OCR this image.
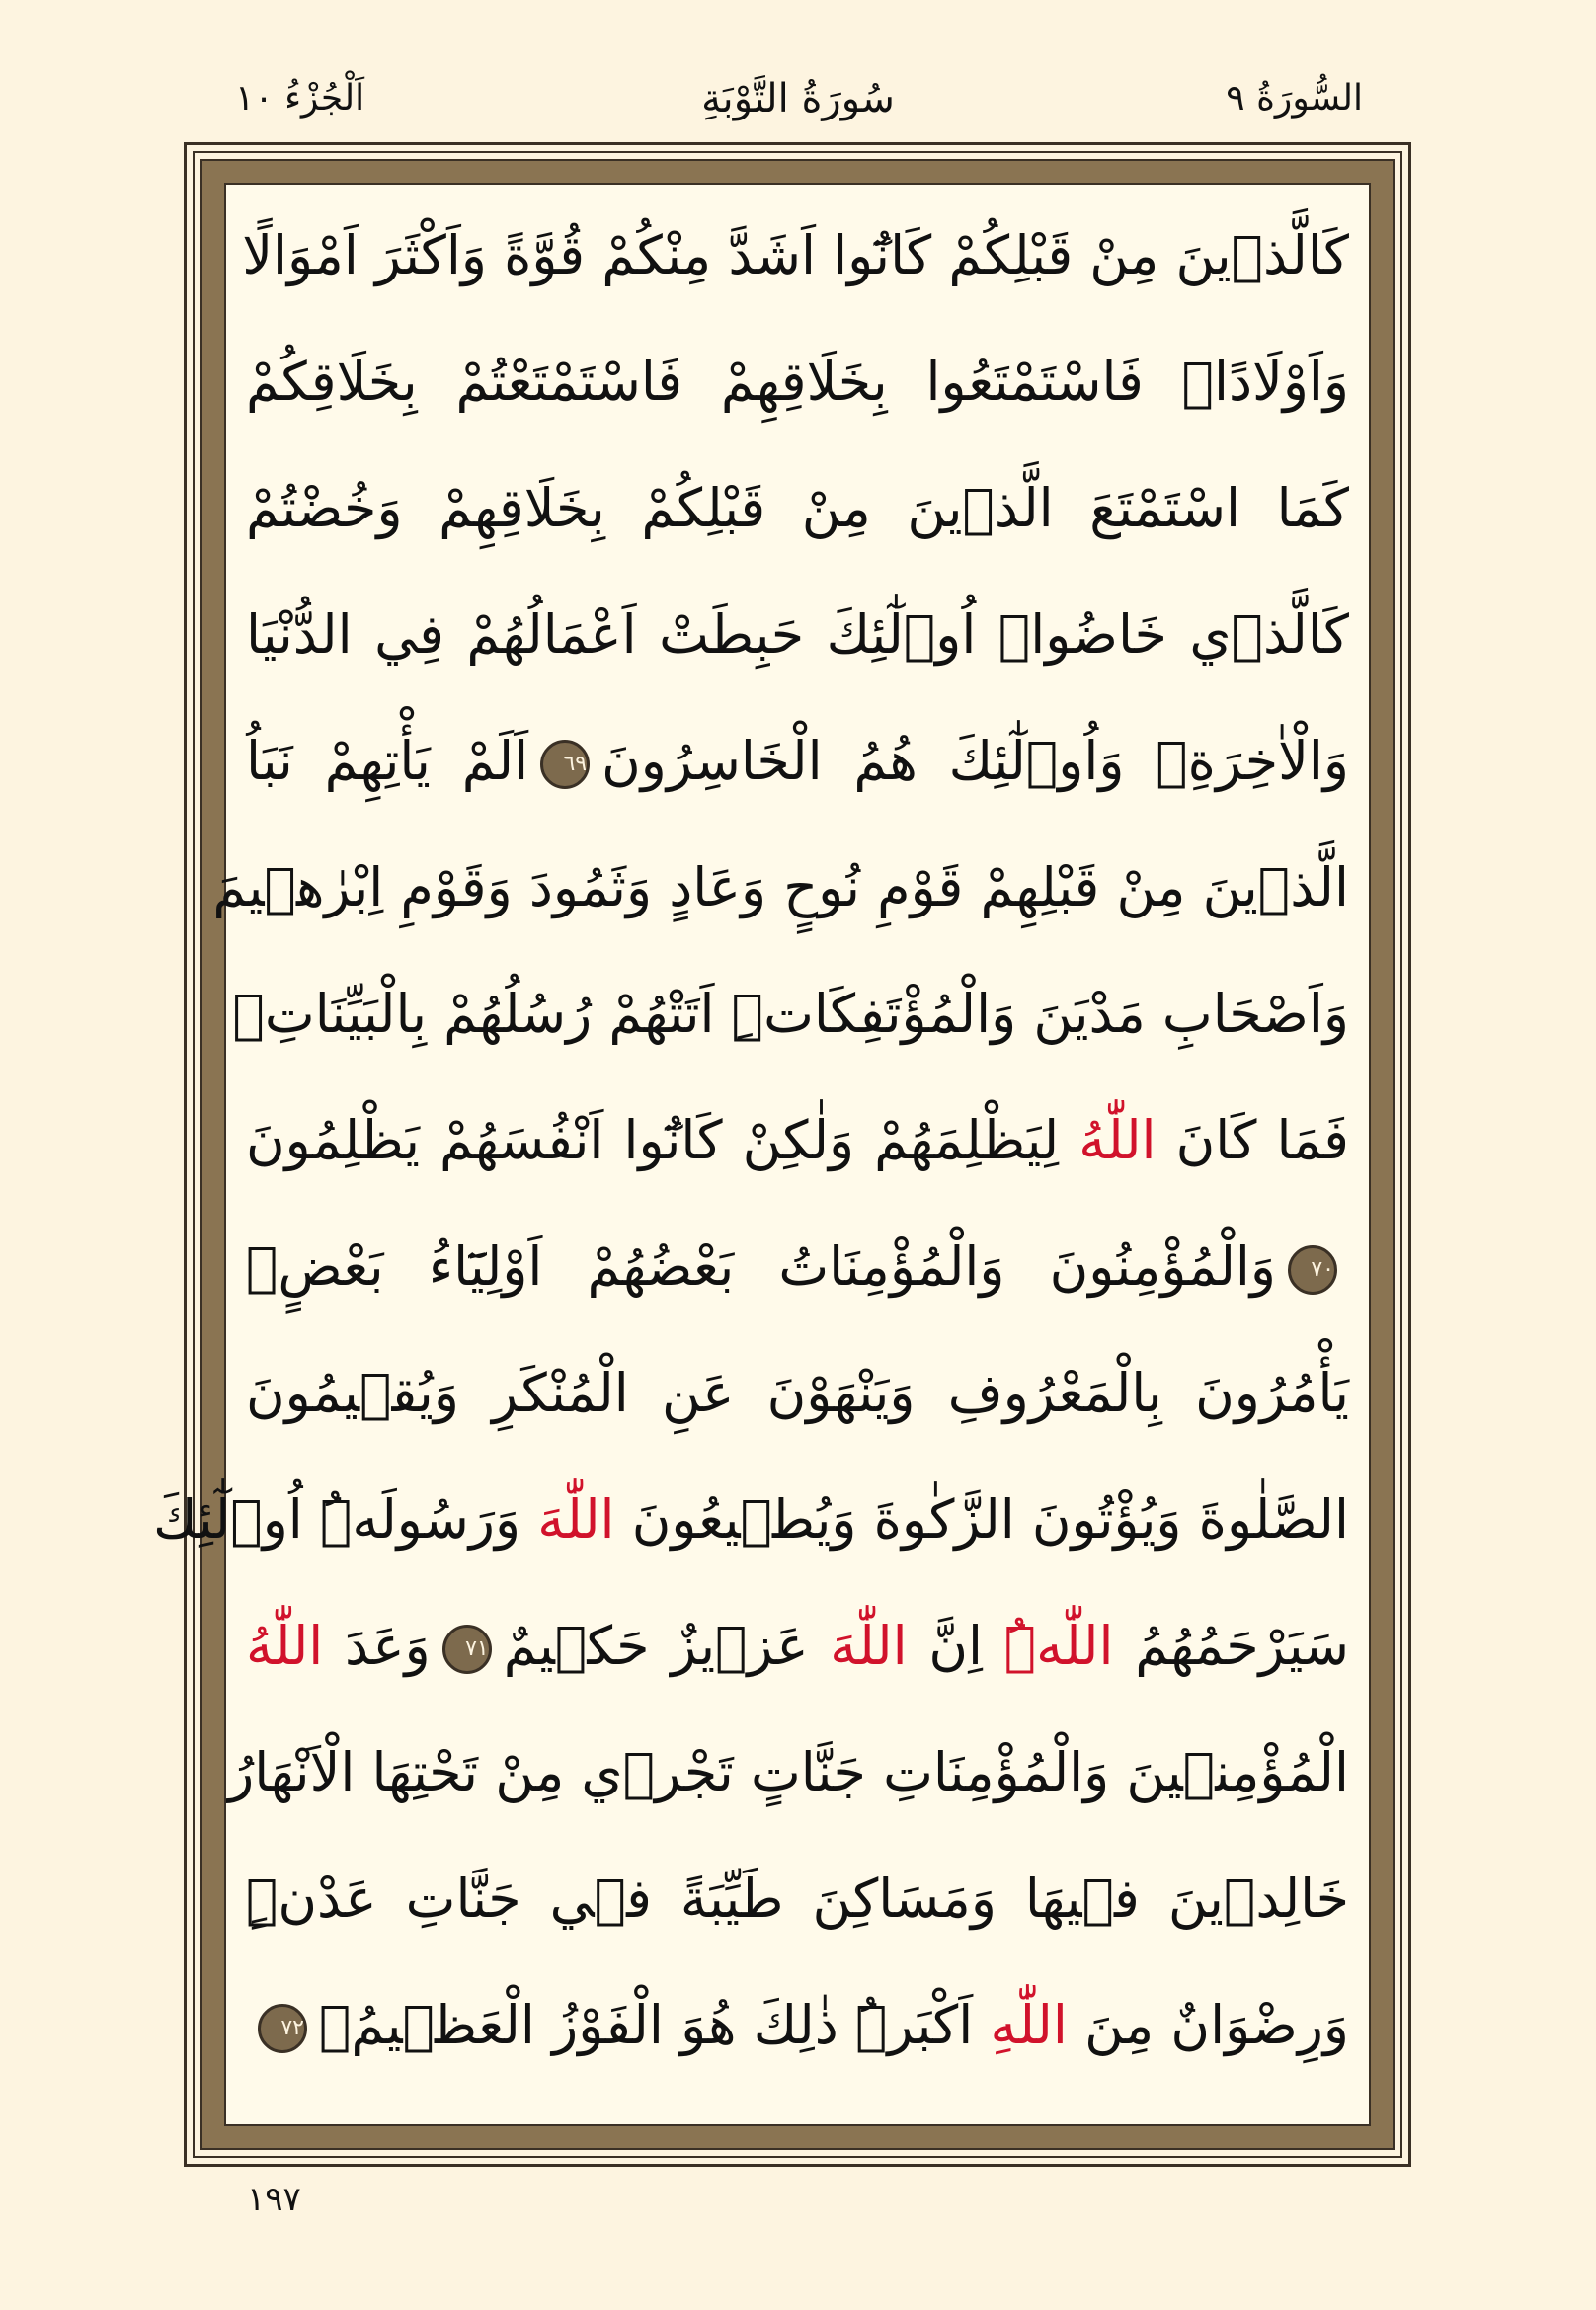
السُّورَةُ ٩
سُورَةُ التَّوْبَةِ
اَلْجُزْءُ ١٠
كَالَّذ۪ينَ مِنْ قَبْلِكُمْ كَانُٓوا اَشَدَّ مِنْكُمْ قُوَّةً وَاَكْثَرَ اَمْوَالًا
وَاَوْلَادًاۜ فَاسْتَمْتَعُوا بِخَلَاقِهِمْ فَاسْتَمْتَعْتُمْ بِخَلَاقِكُمْ
كَمَا اسْتَمْتَعَ الَّذ۪ينَ مِنْ قَبْلِكُمْ بِخَلَاقِهِمْ وَخُضْتُمْ
كَالَّذ۪ي خَاضُواۜ اُو۬لٰٓئِكَ حَبِطَتْ اَعْمَالُهُمْ فِي الدُّنْيَا
وَالْاٰخِرَةِۚ وَاُو۬لٰٓئِكَ هُمُ الْخَاسِرُونَ٦٩اَلَمْ يَأْتِهِمْ نَبَاُ
الَّذ۪ينَ مِنْ قَبْلِهِمْ قَوْمِ نُوحٍ وَعَادٍ وَثَمُودَ وَقَوْمِ اِبْرٰه۪يمَ
وَاَصْحَابِ مَدْيَنَ وَالْمُؤْتَفِكَاتِۜ اَتَتْهُمْ رُسُلُهُمْ بِالْبَيِّنَاتِۚ
فَمَا كَانَ اللّٰهُ لِيَظْلِمَهُمْ وَلٰكِنْ كَانُٓوا اَنْفُسَهُمْ يَظْلِمُونَ
٧٠وَالْمُؤْمِنُونَ وَالْمُؤْمِنَاتُ بَعْضُهُمْ اَوْلِيَٓاءُ بَعْضٍۢ
يَأْمُرُونَ بِالْمَعْرُوفِ وَيَنْهَوْنَ عَنِ الْمُنْكَرِ وَيُق۪يمُونَ
الصَّلٰوةَ وَيُؤْتُونَ الزَّكٰوةَ وَيُط۪يعُونَ اللّٰهَ وَرَسُولَهُۜ اُو۬لٰٓئِكَ
سَيَرْحَمُهُمُ اللّٰهُۜ اِنَّ اللّٰهَ عَز۪يزٌ حَك۪يمٌ٧١وَعَدَ اللّٰهُ
الْمُؤْمِن۪ينَ وَالْمُؤْمِنَاتِ جَنَّاتٍ تَجْر۪ي مِنْ تَحْتِهَا الْاَنْهَارُ
خَالِد۪ينَ ف۪يهَا وَمَسَاكِنَ طَيِّبَةً ف۪ي جَنَّاتِ عَدْنٍۜ
وَرِضْوَانٌ مِنَ اللّٰهِ اَكْبَرُۜ ذٰلِكَ هُوَ الْفَوْزُ الْعَظ۪يمُ۟٧٢
١٩٧
